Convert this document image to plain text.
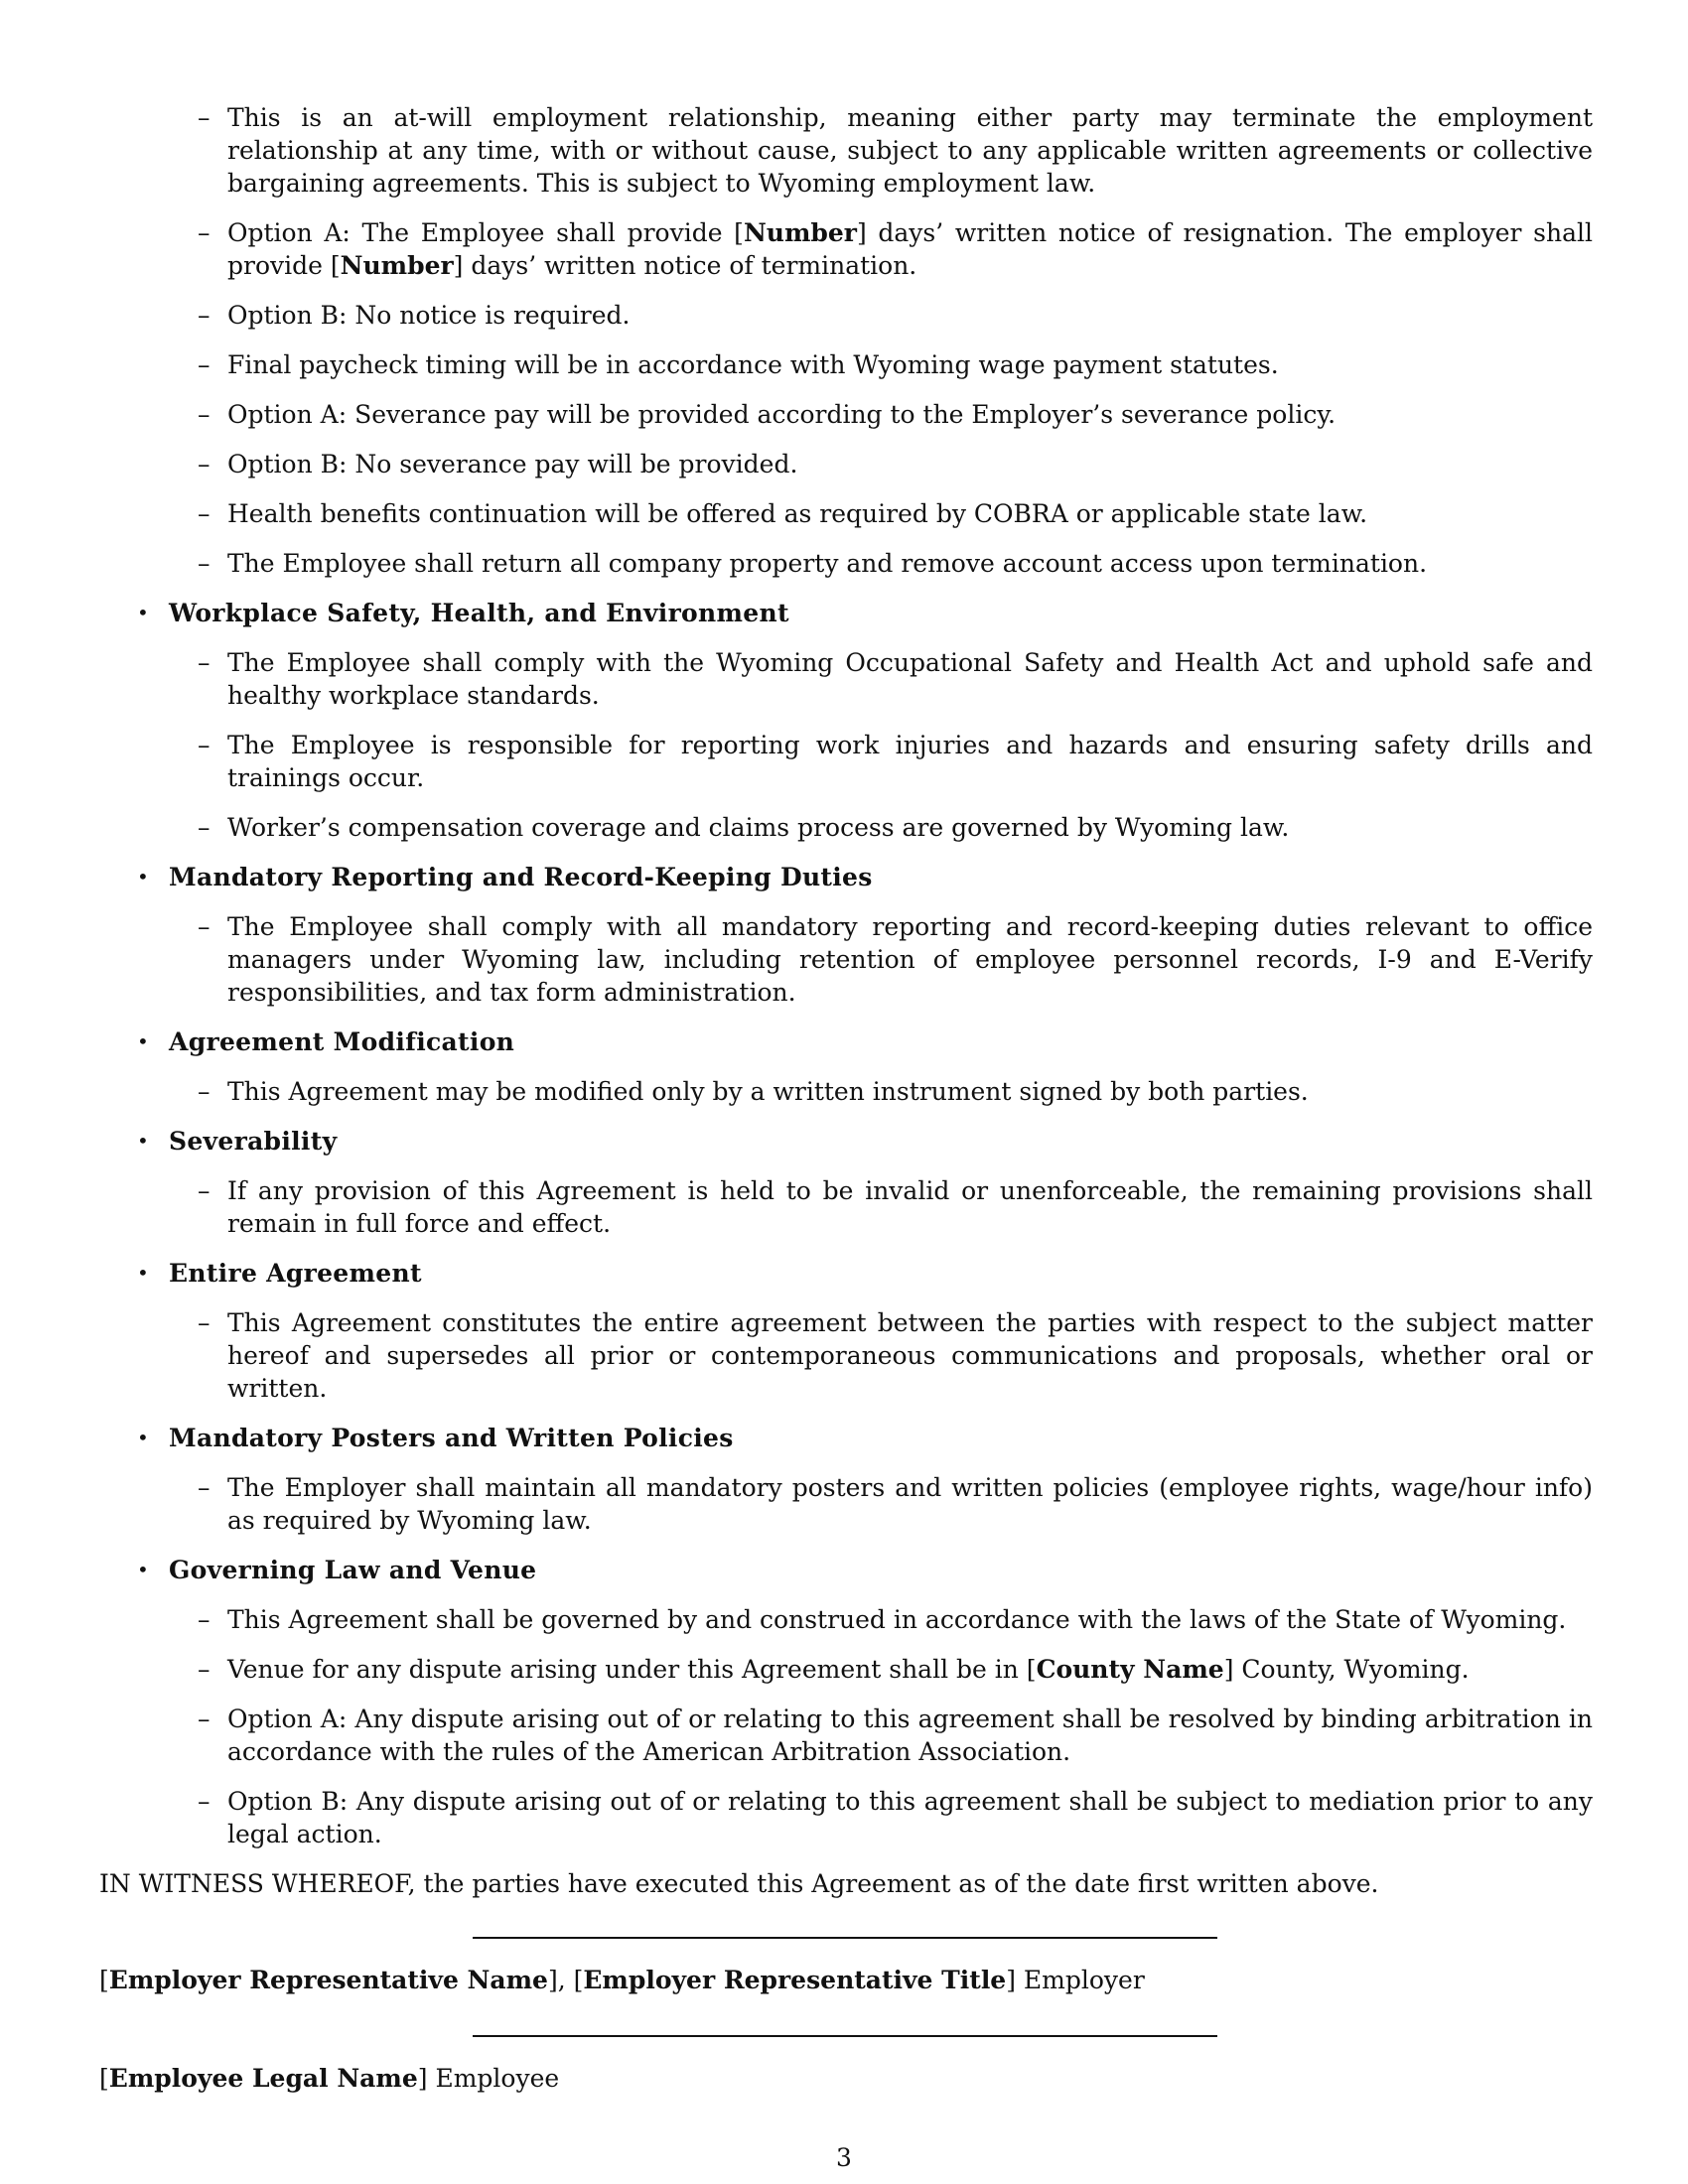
– This is an at-will employment relationship, meaning either party may terminate the employment relationship at any time, with or without cause, subject to any applicable written agreements or collective bargaining agreements. This is subject to Wyoming employment law.
– Option A: The Employee shall provide [Number] days’ written notice of resignation. The employer shall provide [Number] days’ written notice of termination.
– Option B: No notice is required.
– Final paycheck timing will be in accordance with Wyoming wage payment statutes.
– Option A: Severance pay will be provided according to the Employer’s severance policy.
– Option B: No severance pay will be provided.
– Health benefits continuation will be offered as required by COBRA or applicable state law.
– The Employee shall return all company property and remove account access upon termination.
• Workplace Safety, Health, and Environment
– The Employee shall comply with the Wyoming Occupational Safety and Health Act and uphold safe and healthy workplace standards.
– The Employee is responsible for reporting work injuries and hazards and ensuring safety drills and trainings occur.
– Worker’s compensation coverage and claims process are governed by Wyoming law.
• Mandatory Reporting and Record-Keeping Duties
– The Employee shall comply with all mandatory reporting and record-keeping duties relevant to office managers under Wyoming law, including retention of employee personnel records, I-9 and E-Verify responsibilities, and tax form administration.
• Agreement Modification
– This Agreement may be modified only by a written instrument signed by both parties.
• Severability
– If any provision of this Agreement is held to be invalid or unenforceable, the remaining provisions shall remain in full force and effect.
• Entire Agreement
– This Agreement constitutes the entire agreement between the parties with respect to the subject matter hereof and supersedes all prior or contemporaneous communications and proposals, whether oral or written.
• Mandatory Posters and Written Policies
– The Employer shall maintain all mandatory posters and written policies (employee rights, wage/hour info) as required by Wyoming law.
• Governing Law and Venue
– This Agreement shall be governed by and construed in accordance with the laws of the State of Wyoming.
– Venue for any dispute arising under this Agreement shall be in [County Name] County, Wyoming.
– Option A: Any dispute arising out of or relating to this agreement shall be resolved by binding arbitration in accordance with the rules of the American Arbitration Association.
– Option B: Any dispute arising out of or relating to this agreement shall be subject to mediation prior to any legal action.

IN WITNESS WHEREOF, the parties have executed this Agreement as of the date first written above.

[Employer Representative Name], [Employer Representative Title] Employer
[Employee Legal Name] Employee
3
